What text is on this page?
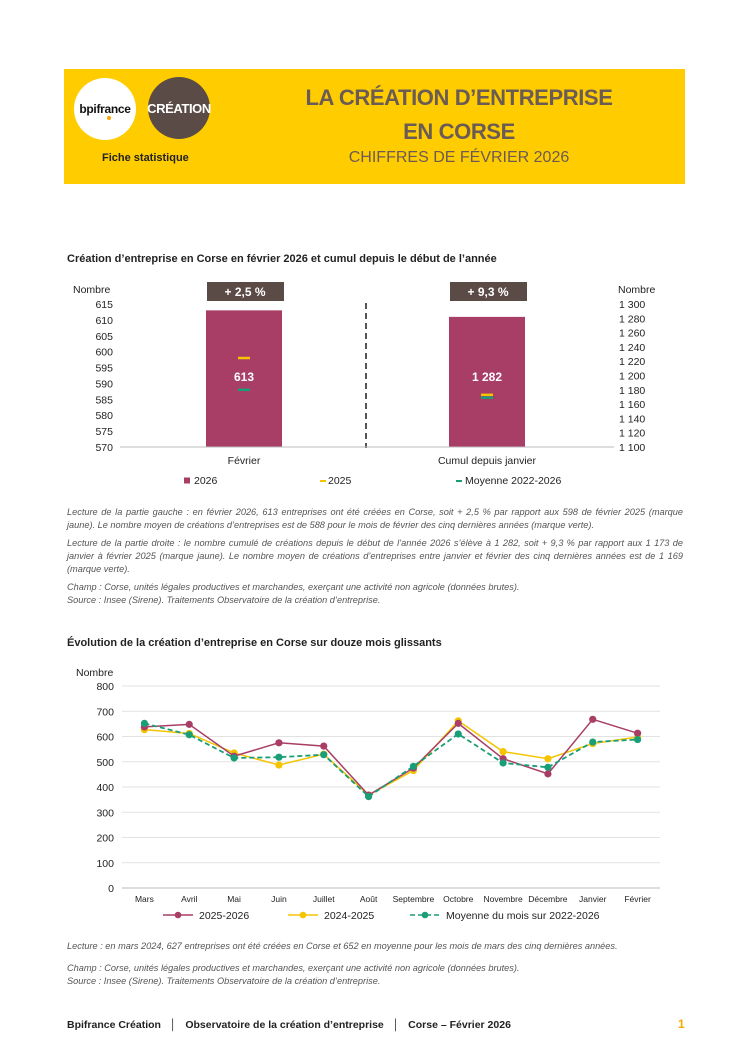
bpifrance CRÉATION
Fiche statistique
LA CRÉATION D’ENTREPRISE
EN CORSE
CHIFFRES DE FÉVRIER 2026
Création d’entreprise en Corse en février 2026 et cumul depuis le début de l’année
Nombre	Nombre
570
575
580
585
590
595
600
605
610
615
1 100
1 120
1 140
1 160
1 180
1 200
1 220
1 240
1 260
1 280
1 300
613
+ 2,5 %
Février
1 282
+ 9,3 %
Cumul depuis janvier
2026	2025	Moyenne 2022-2026

Lecture de la partie gauche : en février 2026, 613 entreprises ont été créées en Corse, soit + 2,5 % par rapport aux 598 de février 2025 (marque jaune). Le nombre moyen de créations d’entreprises est de 588 pour le mois de février des cinq dernières années (marque verte).

Lecture de la partie droite : le nombre cumulé de créations depuis le début de l’année 2026 s’élève à 1 282, soit + 9,3 % par rapport aux 1 173 de janvier à février 2025 (marque jaune). Le nombre moyen de créations d’entreprises entre janvier et février des cinq dernières années est de 1 169 (marque verte).

Champ : Corse, unités légales productives et marchandes, exerçant une activité non agricole (données brutes).

Source : Insee (Sirene). Traitements Observatoire de la création d’entreprise.

Évolution de la création d’entreprise en Corse sur douze mois glissants
Nombre
0
100
200
300
400
500
600
700
800
Mars	Avril	Mai	Juin	Juillet	Août Septembre Octobre Novembre Décembre Janvier Février
2025-2026	2024-2025	Moyenne du mois sur 2022-2026

Lecture : en mars 2024, 627 entreprises ont été créées en Corse et 652 en moyenne pour les mois de mars des cinq dernières années.

Champ : Corse, unités légales productives et marchandes, exerçant une activité non agricole (données brutes).

Source : Insee (Sirene). Traitements Observatoire de la création d’entreprise.

Bpifrance Création │ Observatoire de la création d’entreprise │ Corse – Février 2026	1
